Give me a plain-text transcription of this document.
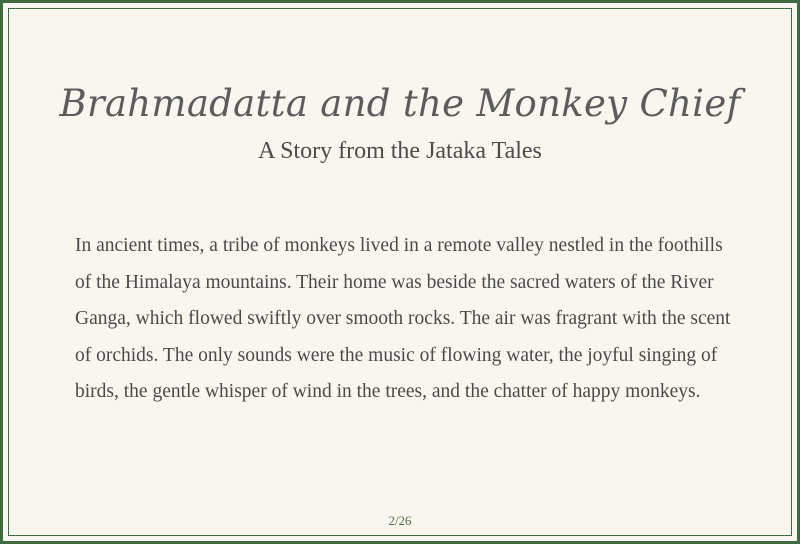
Brahmadatta and the Monkey Chief
A Story from the Jataka Tales

In ancient times, a tribe of monkeys lived in a remote valley nestled in the foothills of the Himalaya mountains. Their home was beside the sacred waters of the River Ganga, which flowed swiftly over smooth rocks. The air was fragrant with the scent of orchids. The only sounds were the music of flowing water, the joyful singing of birds, the gentle whisper of wind in the trees, and the chatter of happy monkeys.

2/26
